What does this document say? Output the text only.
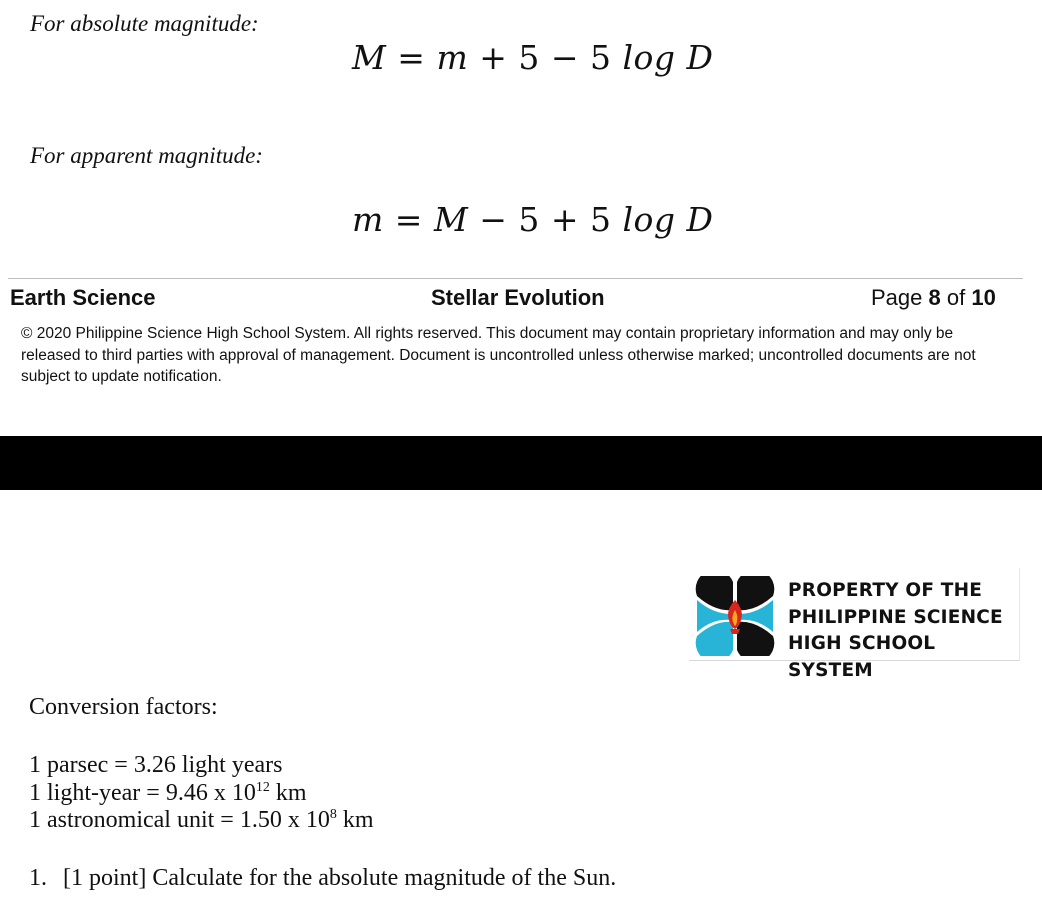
For absolute magnitude:
M = m + 5 − 5 log D
For apparent magnitude:
m = M − 5 + 5 log D
Earth Science	Stellar Evolution	Page 8 of 10
© 2020 Philippine Science High School System. All rights reserved. This document may contain proprietary information and may only be released to third parties with approval of management. Document is uncontrolled unless otherwise marked; uncontrolled documents are not subject to update notification.
PROPERTY OF THE
PHILIPPINE SCIENCE
HIGH SCHOOL SYSTEM
Conversion factors:
1 parsec = 3.26 light years
1 light-year = 9.46 x $10^{12}$ km
1 astronomical unit = 1.50 x $10^8$ km
1. [1 point] Calculate for the absolute magnitude of the Sun.
